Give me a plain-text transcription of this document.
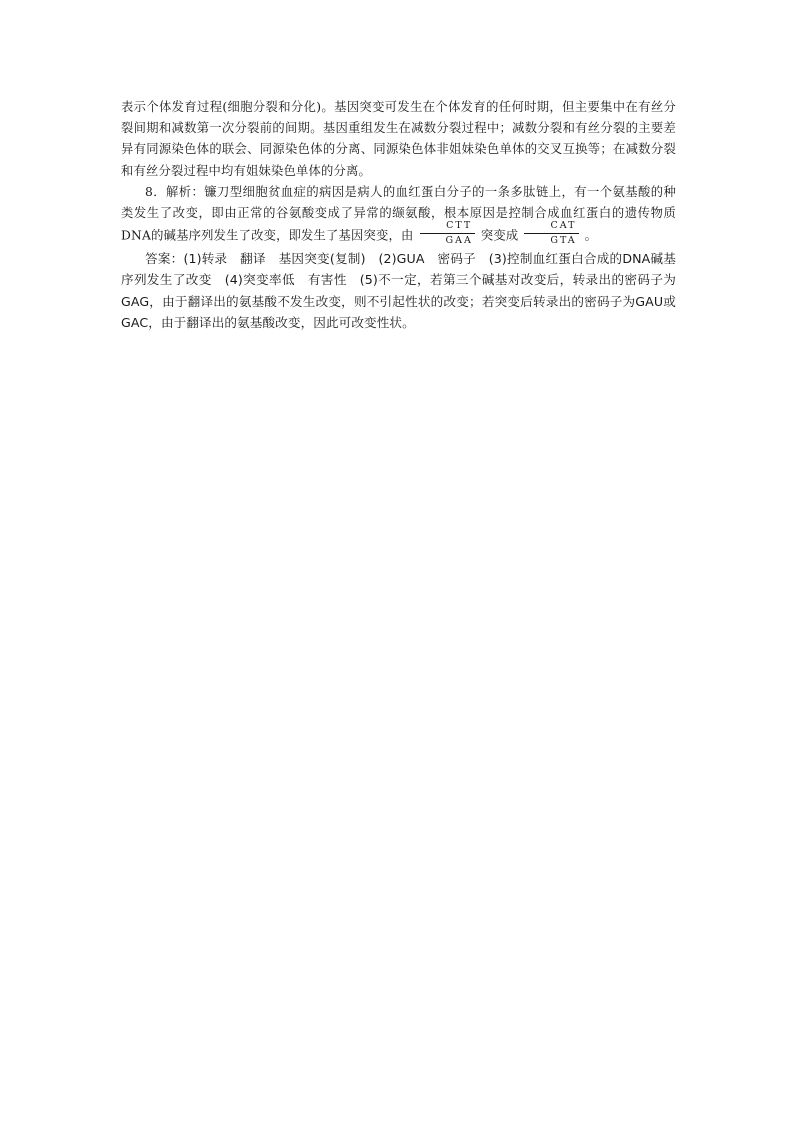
表示个体发育过程(细胞分裂和分化)。基因突变可发生在个体发育的任何时期，但主要集中在有丝分裂间期和减数第一次分裂前的间期。基因重组发生在减数分裂过程中；减数分裂和有丝分裂的主要差异有同源染色体的联会、同源染色体的分离、同源染色体非姐妹染色单体的交叉互换等；在减数分裂和有丝分裂过程中均有姐妹染色单体的分离。

8．解析：镰刀型细胞贫血症的病因是病人的血红蛋白分子的一条多肽链上，有一个氨基酸的种类发生了改变，即由正常的谷氨酸变成了异常的缬氨酸，根本原因是控制合成血红蛋白的遗传物质DNA的碱基序列发生了改变，即发生了基因突变，由 $\frac{\text{CTT}}{\text{GAA}}$ 突变成 $\frac{\text{CAT}}{\text{GTA}}$ 。

答案：(1)转录　翻译　基因突变(复制)　(2)GUA　密码子　(3)控制血红蛋白合成的DNA碱基序列发生了改变　(4)突变率低　有害性　(5)不一定，若第三个碱基对改变后，转录出的密码子为GAG，由于翻译出的氨基酸不发生改变，则不引起性状的改变；若突变后转录出的密码子为GAU或GAC，由于翻译出的氨基酸改变，因此可改变性状。
